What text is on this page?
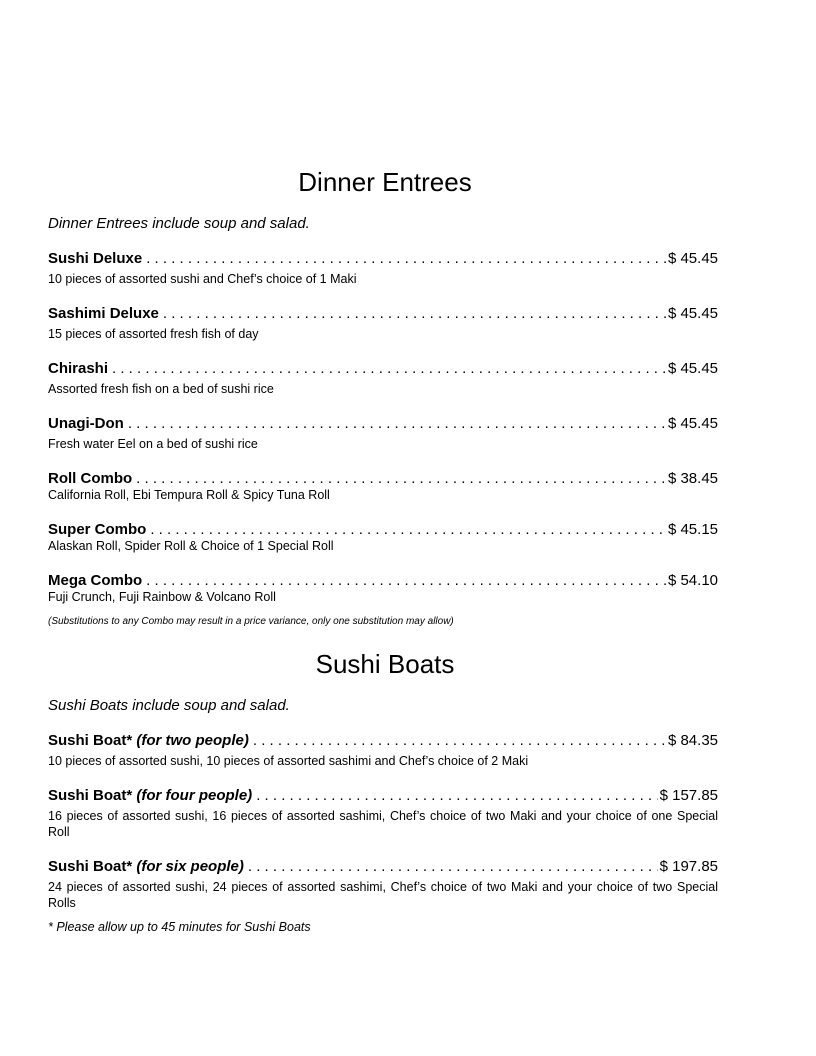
Dinner Entrees
Dinner Entrees include soup and salad.
Sushi Deluxe . . .	$ 45.45
10 pieces of assorted sushi and Chef’s choice of 1 Maki
Sashimi Deluxe . . .	$ 45.45
15 pieces of assorted fresh fish of day
Chirashi . . .	$ 45.45
Assorted fresh fish on a bed of sushi rice
Unagi-Don . . .	$ 45.45
Fresh water Eel on a bed of sushi rice
Roll Combo . . .	$ 38.45
California Roll, Ebi Tempura Roll & Spicy Tuna Roll
Super Combo . . .	$ 45.15
Alaskan Roll, Spider Roll & Choice of 1 Special Roll
Mega Combo . . .	$ 54.10
Fuji Crunch, Fuji Rainbow & Volcano Roll
(Substitutions to any Combo may result in a price variance, only one substitution may allow)
Sushi Boats
Sushi Boats include soup and salad.
Sushi Boat* (for two people) . . .	$ 84.35
10 pieces of assorted sushi, 10 pieces of assorted sashimi and Chef’s choice of 2 Maki
Sushi Boat* (for four people) . . .	$ 157.85
16 pieces of assorted sushi, 16 pieces of assorted sashimi, Chef’s choice of two Maki and your choice of one Special Roll
Sushi Boat* (for six people) . . .	$ 197.85
24 pieces of assorted sushi, 24 pieces of assorted sashimi, Chef’s choice of two Maki and your choice of two Special Rolls
* Please allow up to 45 minutes for Sushi Boats
